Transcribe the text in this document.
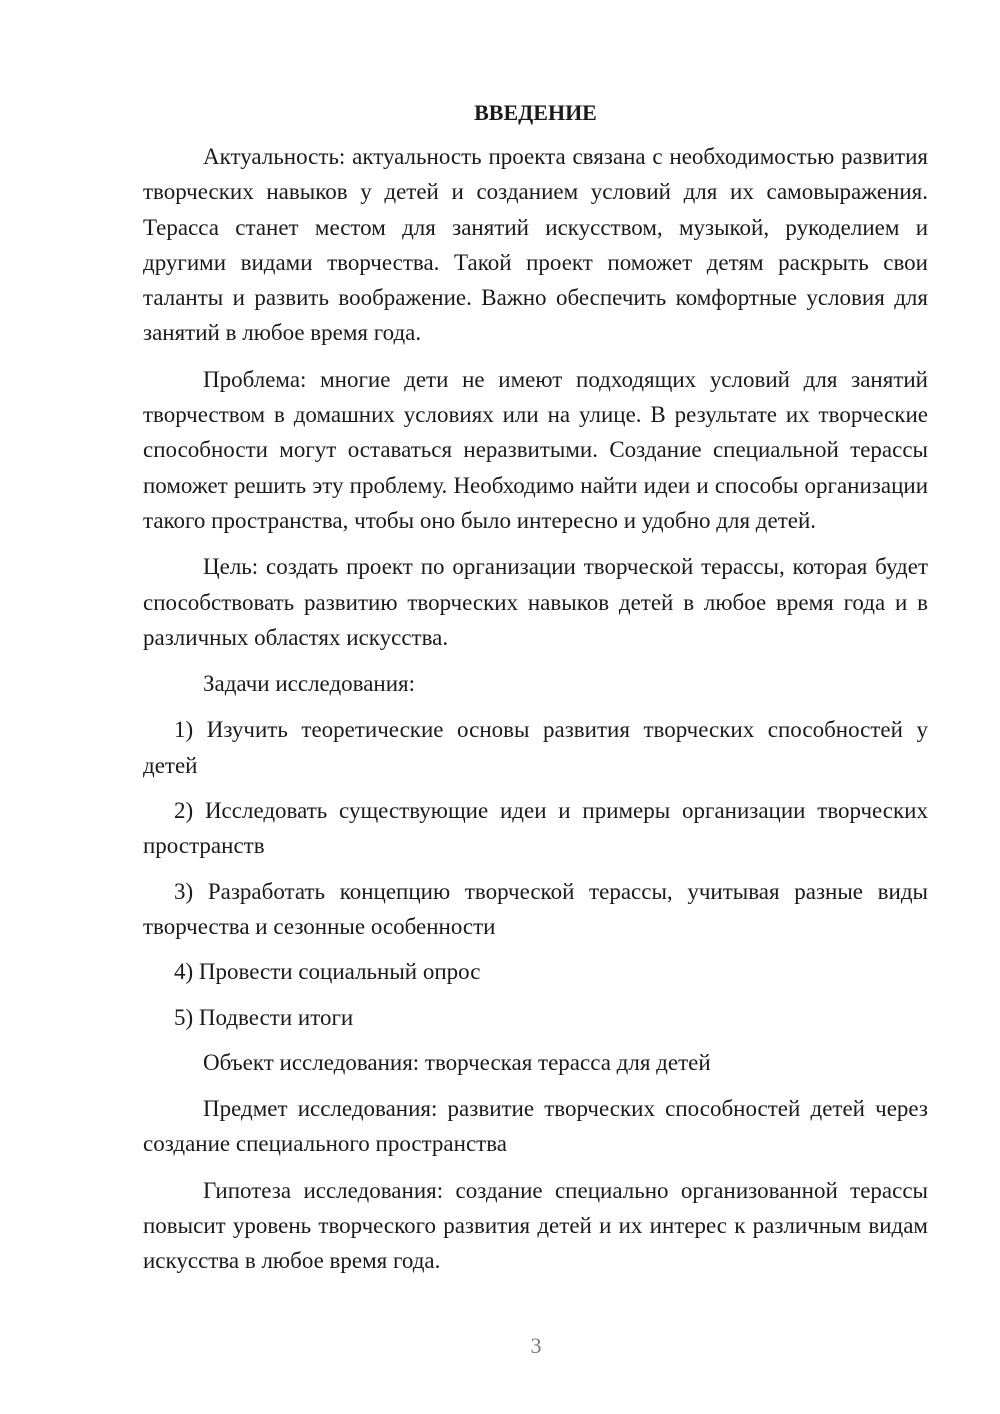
ВВЕДЕНИЕ

Актуальность: актуальность проекта связана с необходимостью развития творческих навыков у детей и созданием условий для их самовыражения. Терасса станет местом для занятий искусством, музыкой, рукоделием и другими видами творчества. Такой проект поможет детям раскрыть свои таланты и развить воображение. Важно обеспечить комфортные условия для занятий в любое время года.

Проблема: многие дети не имеют подходящих условий для занятий творчеством в домашних условиях или на улице. В результате их творческие способности могут оставаться неразвитыми. Создание специальной терассы поможет решить эту проблему. Необходимо найти идеи и способы организации такого пространства, чтобы оно было интересно и удобно для детей.

Цель: создать проект по организации творческой терассы, которая будет способствовать развитию творческих навыков детей в любое время года и в различных областях искусства.

Задачи исследования:

1) Изучить теоретические основы развития творческих способностей у детей

2) Исследовать существующие идеи и примеры организации творческих пространств

3) Разработать концепцию творческой терассы, учитывая разные виды творчества и сезонные особенности

4) Провести социальный опрос

5) Подвести итоги

Объект исследования: творческая терасса для детей

Предмет исследования: развитие творческих способностей детей через создание специального пространства

Гипотеза исследования: создание специально организованной терассы повысит уровень творческого развития детей и их интерес к различным видам искусства в любое время года.

3
